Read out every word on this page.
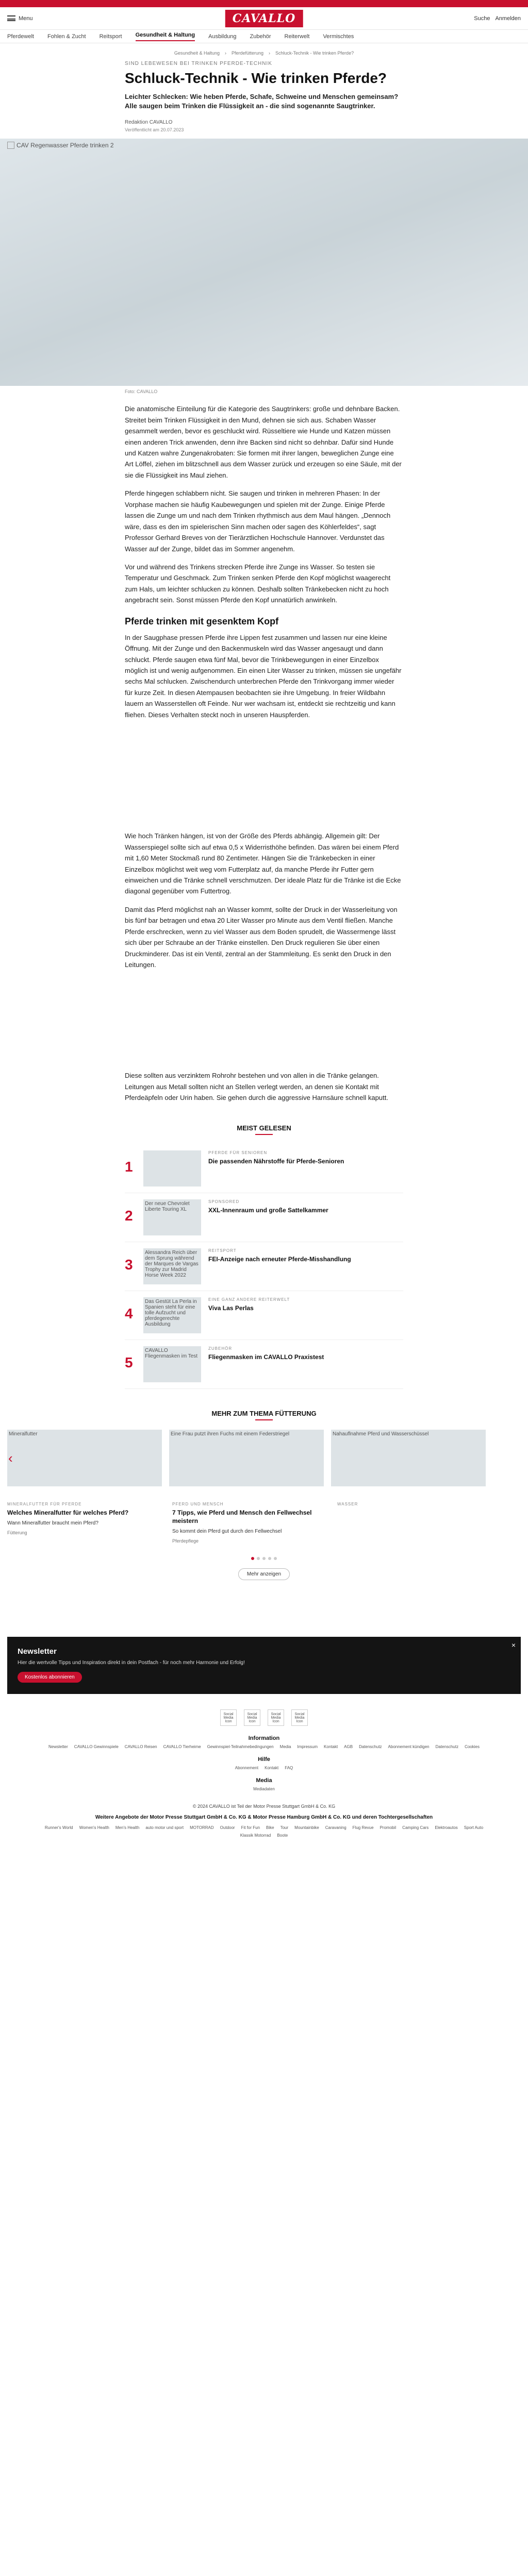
Menu	CAVALLO	Suche Anmelden
Pferdewelt Fohlen & Zucht Reitsport Gesundheit & Haltung Ausbildung Zubehör Reiterwelt Vermischtes
Gesundheit & Haltung › Pferdefütterung › Schluck-Technik - Wie trinken Pferde?
SIND LEBEWESEN BEI TRINKEN PFERDE-TECHNIK
Schluck-Technik - Wie trinken Pferde?

Leichter Schlecken: Wie heben Pferde, Schafe, Schweine und Menschen gemeinsam? Alle saugen beim Trinken die Flüssigkeit an - die sind sogenannte Saugtrinker.

Redaktion CAVALLO
Veröffentlicht am 20.07.2023
CAV Regenwasser Pferde trinken 2
Foto: CAVALLO

Die anatomische Einteilung für die Kategorie des Saugtrinkers: große und dehnbare Backen. Streitet beim Trinken Flüssigkeit in den Mund, dehnen sie sich aus. Schaben Wasser gesammelt werden, bevor es geschluckt wird. Rüsseltiere wie Hunde und Katzen müssen einen anderen Trick anwenden, denn ihre Backen sind nicht so dehnbar. Dafür sind Hunde und Katzen wahre Zungenakrobaten: Sie formen mit ihrer langen, beweglichen Zunge eine Art Löffel, ziehen im blitzschnell aus dem Wasser zurück und erzeugen so eine Säule, mit der sie die Flüssigkeit ins Maul ziehen.

Pferde hingegen schlabbern nicht. Sie saugen und trinken in mehreren Phasen: In der Vorphase machen sie häufig Kaubewegungen und spielen mit der Zunge. Einige Pferde lassen die Zunge um und nach dem Trinken rhythmisch aus dem Maul hängen. „Dennoch wäre, dass es den im spielerischen Sinn machen oder sagen des Köhlerfeldes“, sagt Professor Gerhard Breves von der Tierärztlichen Hochschule Hannover. Verdunstet das Wasser auf der Zunge, bildet das im Sommer angenehm.

Vor und während des Trinkens strecken Pferde ihre Zunge ins Wasser. So testen sie Temperatur und Geschmack. Zum Trinken senken Pferde den Kopf möglichst waagerecht zum Hals, um leichter schlucken zu können. Deshalb sollten Tränkebecken nicht zu hoch angebracht sein. Sonst müssen Pferde den Kopf unnatürlich anwinkeln.

Pferde trinken mit gesenktem Kopf

In der Saugphase pressen Pferde ihre Lippen fest zusammen und lassen nur eine kleine Öffnung. Mit der Zunge und den Backenmuskeln wird das Wasser angesaugt und dann schluckt. Pferde saugen etwa fünf Mal, bevor die Trinkbewegungen in einer Einzelbox möglich ist und wenig aufgenommen. Ein einen Liter Wasser zu trinken, müssen sie ungefähr sechs Mal schlucken. Zwischendurch unterbrechen Pferde den Trinkvorgang immer wieder für kurze Zeit. In diesen Atempausen beobachten sie ihre Umgebung. In freier Wildbahn lauern an Wasserstellen oft Feinde. Nur wer wachsam ist, entdeckt sie rechtzeitig und kann fliehen. Dieses Verhalten steckt noch in unseren Hauspferden.

Wie hoch Tränken hängen, ist von der Größe des Pferds abhängig. Allgemein gilt: Der Wasserspiegel sollte sich auf etwa 0,5 x Widerristhöhe befinden. Das wären bei einem Pferd mit 1,60 Meter Stockmaß rund 80 Zentimeter. Hängen Sie die Tränkebecken in einer Einzelbox möglichst weit weg vom Futterplatz auf, da manche Pferde ihr Futter gern einweichen und die Tränke schnell verschmutzen. Der ideale Platz für die Tränke ist die Ecke diagonal gegenüber vom Futtertrog.

Damit das Pferd möglichst nah an Wasser kommt, sollte der Druck in der Wasserleitung von bis fünf bar betragen und etwa 20 Liter Wasser pro Minute aus dem Ventil fließen. Manche Pferde erschrecken, wenn zu viel Wasser aus dem Boden sprudelt, die Wassermenge lässt sich über per Schraube an der Tränke einstellen. Den Druck regulieren Sie über einen Druckminderer. Das ist ein Ventil, zentral an der Stammleitung. Es senkt den Druck in den Leitungen.

Diese sollten aus verzinktem Rohrohr bestehen und von allen in die Tränke gelangen. Leitungen aus Metall sollten nicht an Stellen verlegt werden, an denen sie Kontakt mit Pferdeäpfeln oder Urin haben. Sie gehen durch die aggressive Harnsäure schnell kaputt.

MEIST GELESEN
1
PFERDE FÜR SENIOREN
Die passenden Nährstoffe für Pferde-Senioren
2
Der neue Chevrolet Liberte Touring XL
SPONSORED
XXL-Innenraum und große Sattelkammer
3
Alessandra Reich über dem Sprung während der Marques de Vargas Trophy zur Madrid Horse Week 2022
REITSPORT
FEI-Anzeige nach erneuter Pferde-Misshandlung
4
Das Gestüt La Perla in Spanien steht für eine tolle Aufzucht und pferdegerechte Ausbildung
EINE GANZ ANDERE REITERWELT
Viva Las Perlas
5
CAVALLO Fliegenmasken im Test
ZUBEHÖR
Fliegenmasken im CAVALLO Praxistest
MEHR ZUM THEMA FÜTTERUNG
Mineralfutter	Eine Frau putzt ihren Fuchs mit einem Federstriegel	Nahauflnahme Pferd und Wasserschüssel
‹
MINERALFUTTER FÜR PFERDE
Welches Mineralfutter für welches Pferd?
Wann Mineralfutter braucht mein Pferd?
Fütterung
PFERD UND MENSCH
7 Tipps, wie Pferd und Mensch den Fellwechsel meistern
So kommt dein Pferd gut durch den Fellwechsel
Pferdepflege
WASSER
Mehr anzeigen
×
Newsletter

Hier die wertvolle Tipps und Inspiration direkt in dein Postfach - für noch mehr Harmonie und Erfolg!

Kostenlos abonnieren
Social Media Icon
Social Media Icon
Social Media Icon
Social Media Icon
Information
Newsletter CAVALLO Gewinnspiele CAVALLO Reisen CAVALLO Tierheime Gewinnspiel-Teilnahmebedingungen Media Impressum Kontakt AGB Datenschutz Abonnement kündigen Datenschutz Cookies
Hilfe
Abonnement Kontakt FAQ
Media
Mediadaten
© 2024 CAVALLO ist Teil der Motor Presse Stuttgart GmbH & Co. KG
Weitere Angebote der Motor Presse Stuttgart GmbH & Co. KG & Motor Presse Hamburg GmbH & Co. KG und deren Tochtergesellschaften
Runner's World Women's Health Men's Health auto motor und sport MOTORRAD Outdoor Fit for Fun Bike Tour Mountainbike Caravaning Flug Revue Promobil Camping Cars Elektroautos Sport Auto
Klassik Motorrad Boote
